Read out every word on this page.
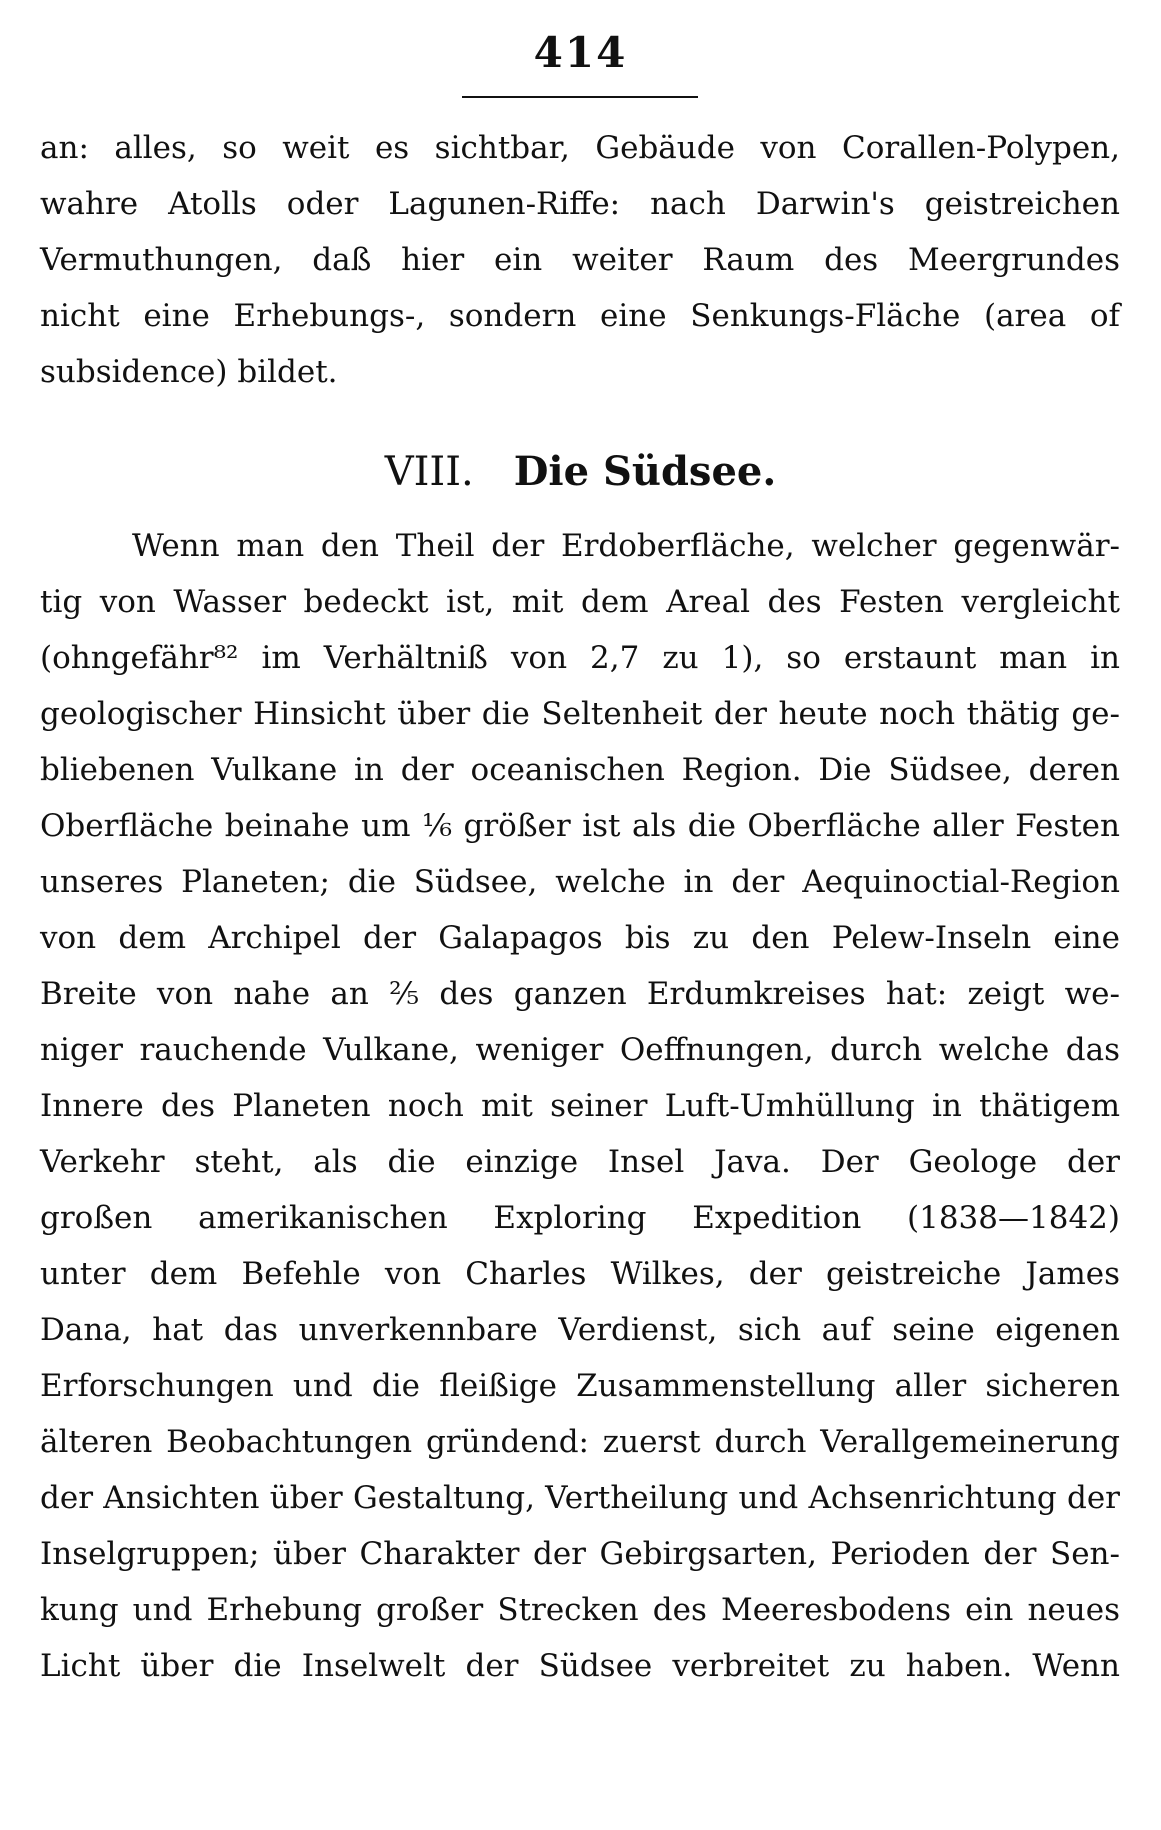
414
an: alles, so weit es sichtbar, Gebäude von Corallen-Polypen,
wahre Atolls oder Lagunen-Riffe: nach Darwin's geistreichen
Vermuthungen, daß hier ein weiter Raum des Meergrundes
nicht eine Erhebungs-, sondern eine Senkungs-Fläche (area of
subsidence) bildet.
VIII. Die Südsee.
Wenn man den Theil der Erdoberfläche, welcher gegenwär-
tig von Wasser bedeckt ist, mit dem Areal des Festen vergleicht
(ohngefähr⁸² im Verhältniß von 2,7 zu 1), so erstaunt man in
geologischer Hinsicht über die Seltenheit der heute noch thätig ge-
bliebenen Vulkane in der oceanischen Region. Die Südsee, deren
Oberfläche beinahe um ¹⁄₆ größer ist als die Oberfläche aller Festen
unseres Planeten; die Südsee, welche in der Aequinoctial-Region
von dem Archipel der Galapagos bis zu den Pelew-Inseln eine
Breite von nahe an ²⁄₅ des ganzen Erdumkreises hat: zeigt we-
niger rauchende Vulkane, weniger Oeffnungen, durch welche das
Innere des Planeten noch mit seiner Luft-Umhüllung in thätigem
Verkehr steht, als die einzige Insel Java. Der Geologe der
großen amerikanischen Exploring Expedition (1838—1842)
unter dem Befehle von Charles Wilkes, der geistreiche James
Dana, hat das unverkennbare Verdienst, sich auf seine eigenen
Erforschungen und die fleißige Zusammenstellung aller sicheren
älteren Beobachtungen gründend: zuerst durch Verallgemeinerung
der Ansichten über Gestaltung, Vertheilung und Achsenrichtung der
Inselgruppen; über Charakter der Gebirgsarten, Perioden der Sen-
kung und Erhebung großer Strecken des Meeresbodens ein neues
Licht über die Inselwelt der Südsee verbreitet zu haben. Wenn
